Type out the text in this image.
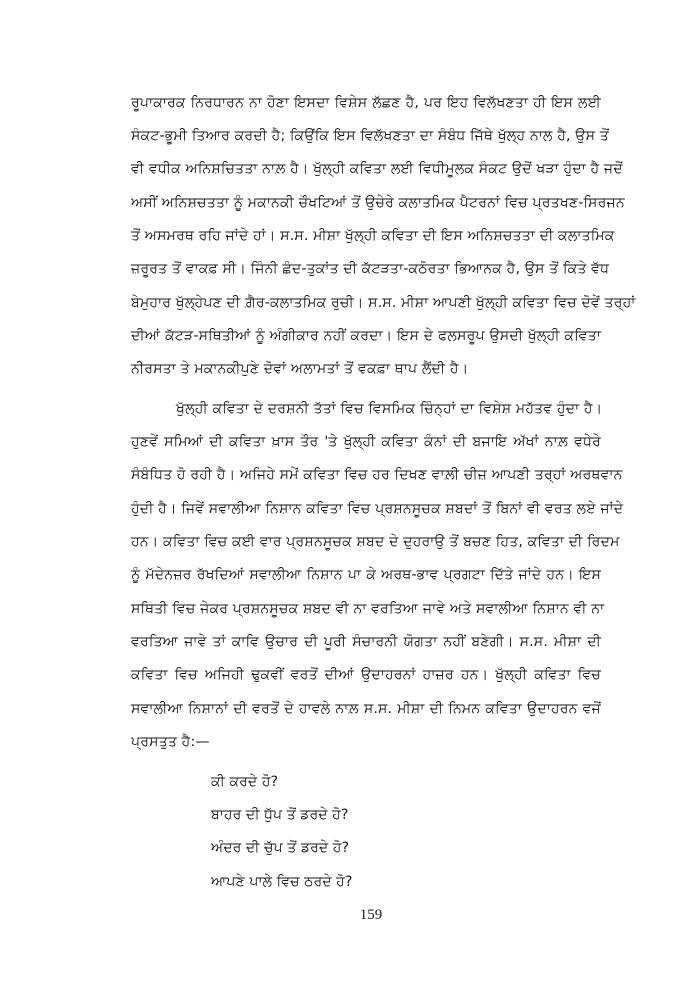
ਰੂਪਾਕਾਰਕ ਨਿਰਧਾਰਨ ਨਾ ਹੋਣਾ ਇਸਦਾ ਵਿਸ਼ੇਸ ਲੱਛਣ ਹੈ, ਪਰ ਇਹ ਵਿਲੱਖਣਤਾ ਹੀ ਇਸ ਲਈ
ਸੰਕਟ-ਭੂਮੀ ਤਿਆਰ ਕਰਦੀ ਹੈ; ਕਿਉਂਕਿ ਇਸ ਵਿਲੱਖਣਤਾ ਦਾ ਸੰਬੰਧ ਜਿੱਥੇ ਖੁੱਲ੍ਹ ਨਾਲ ਹੈ, ਉਸ ਤੋਂ
ਵੀ ਵਧੀਕ ਅਨਿਸ਼ਚਿਤਤਾ ਨਾਲ਼ ਹੈ। ਖੁੱਲ੍ਹੀ ਕਵਿਤਾ ਲਈ ਵਿਧੀਮੂਲਕ ਸੰਕਟ ਉਦੋਂ ਖੜਾ ਹੁੰਦਾ ਹੈ ਜਦੋਂ
ਅਸੀਂ ਅਨਿਸ਼ਚਤਤਾ ਨੂੰ ਮਕਾਨਕੀ ਚੌਖਟਿਆਂ ਤੋਂ ਉਚੇਰੇ ਕਲਾਤਮਿਕ ਪੈਟਰਨਾਂ ਵਿਚ ਪ੍ਰਤਖਣ-ਸਿਰਜਨ
ਤੋਂ ਅਸਮਰਥ ਰਹਿ ਜਾਂਦੇ ਹਾਂ। ਸ.ਸ. ਮੀਸ਼ਾ ਖੁੱਲ੍ਹੀ ਕਵਿਤਾ ਦੀ ਇਸ ਅਨਿਸ਼ਚਤਤਾ ਦੀ ਕਲਾਤਮਿਕ
ਜ਼ਰੂਰਤ ਤੋਂ ਵਾਕਫ਼ ਸੀ। ਜਿੰਨੀ ਛੰਦ-ਤੁਕਾਂਤ ਦੀ ਕੱਟੜਤਾ-ਕਠੋਰਤਾ ਭਿਆਨਕ ਹੈ, ਉਸ ਤੋਂ ਕਿਤੇ ਵੱਧ
ਬੇਮੁਹਾਰ ਖੁੱਲ੍ਹੇਪਣ ਦੀ ਗ਼ੈਰ-ਕਲਾਤਮਿਕ ਰੁਚੀ। ਸ.ਸ. ਮੀਸ਼ਾ ਆਪਣੀ ਖੁੱਲ੍ਹੀ ਕਵਿਤਾ ਵਿਚ ਦੋਵੇਂ ਤਰ੍ਹਾਂ
ਦੀਆਂ ਕੱਟੜ-ਸਥਿਤੀਆਂ ਨੂੰ ਅੰਗੀਕਾਰ ਨਹੀਂ ਕਰਦਾ। ਇਸ ਦੇ ਫਲਸਰੂਪ ਉਸਦੀ ਖੁੱਲ੍ਹੀ ਕਵਿਤਾ
ਨੀਰਸਤਾ ਤੇ ਮਕਾਨਕੀਪੁਣੇ ਦੋਵਾਂ ਅਲਾਮਤਾਂ ਤੋਂ ਵਕਫ਼ਾ ਥਾਪ ਲੈਂਦੀ ਹੈ।
ਖੁੱਲ੍ਹੀ ਕਵਿਤਾ ਦੇ ਦਰਸ਼ਨੀ ਤੱਤਾਂ ਵਿਚ ਵਿਸਮਿਕ ਚਿੰਨ੍ਹਾਂ ਦਾ ਵਿਸ਼ੇਸ਼ ਮਹੱਤਵ ਹੁੰਦਾ ਹੈ।
ਹੁਣਵੇਂ ਸਮਿਆਂ ਦੀ ਕਵਿਤਾ ਖ਼ਾਸ ਤੌਰ 'ਤੇ ਖੁੱਲ੍ਹੀ ਕਵਿਤਾ ਕੰਨਾਂ ਦੀ ਬਜਾਇ ਅੱਖਾਂ ਨਾਲ਼ ਵਧੇਰੇ
ਸੰਬੰਧਿਤ ਹੋ ਰਹੀ ਹੈ। ਅਜਿਹੇ ਸਮੇਂ ਕਵਿਤਾ ਵਿਚ ਹਰ ਦਿਖਣ ਵਾਲ਼ੀ ਚੀਜ਼ ਆਪਣੀ ਤਰ੍ਹਾਂ ਅਰਥਵਾਨ
ਹੁੰਦੀ ਹੈ। ਜਿਵੇਂ ਸਵਾਲੀਆ ਨਿਸ਼ਾਨ ਕਵਿਤਾ ਵਿਚ ਪ੍ਰਸ਼ਨਸੂਚਕ ਸ਼ਬਦਾਂ ਤੋਂ ਬਿਨਾਂ ਵੀ ਵਰਤ ਲਏ ਜਾਂਦੇ
ਹਨ। ਕਵਿਤਾ ਵਿਚ ਕਈ ਵਾਰ ਪ੍ਰਸ਼ਨਸੂਚਕ ਸ਼ਬਦ ਦੇ ਦੁਹਰਾਉ ਤੋਂ ਬਚਣ ਹਿਤ, ਕਵਿਤਾ ਦੀ ਰਿਦਮ
ਨੂੰ ਮੱਦੇਨਜ਼ਰ ਰੱਖਦਿਆਂ ਸਵਾਲੀਆ ਨਿਸ਼ਾਨ ਪਾ ਕੇ ਅਰਥ-ਭਾਵ ਪ੍ਰਗਟਾ ਦਿੱਤੇ ਜਾਂਦੇ ਹਨ। ਇਸ
ਸਥਿਤੀ ਵਿਚ ਜੇਕਰ ਪ੍ਰਸ਼ਨਸੂਚਕ ਸ਼ਬਦ ਵੀ ਨਾ ਵਰਤਿਆ ਜਾਵੇ ਅਤੇ ਸਵਾਲੀਆ ਨਿਸ਼ਾਨ ਵੀ ਨਾ
ਵਰਤਿਆ ਜਾਵੇ ਤਾਂ ਕਾਵਿ ਉਚਾਰ ਦੀ ਪੂਰੀ ਸੰਚਾਰਨੀ ਯੋਗਤਾ ਨਹੀਂ ਬਣੇਗੀ। ਸ.ਸ. ਮੀਸ਼ਾ ਦੀ
ਕਵਿਤਾ ਵਿਚ ਅਜਿਹੀ ਢੁਕਵੀਂ ਵਰਤੋਂ ਦੀਆਂ ਉਦਾਹਰਨਾਂ ਹਾਜ਼ਰ ਹਨ। ਖੁੱਲ੍ਹੀ ਕਵਿਤਾ ਵਿਚ
ਸਵਾਲੀਆ ਨਿਸ਼ਾਨਾਂ ਦੀ ਵਰਤੋਂ ਦੇ ਹਾਵਲੇ ਨਾਲ਼ ਸ.ਸ. ਮੀਸ਼ਾ ਦੀ ਨਿਮਨ ਕਵਿਤਾ ਉਦਾਹਰਨ ਵਜੋਂ
ਪ੍ਰਸਤੁਤ ਹੈ:—
ਕੀ ਕਰਦੇ ਹੋ?
ਬਾਹਰ ਦੀ ਧੁੱਪ ਤੋਂ ਡਰਦੇ ਹੋ?
ਅੰਦਰ ਦੀ ਚੁੱਪ ਤੋਂ ਡਰਦੇ ਹੋ?
ਆਪਣੇ ਪਾਲੇ ਵਿਚ ਠਰਦੇ ਹੋ?
159
